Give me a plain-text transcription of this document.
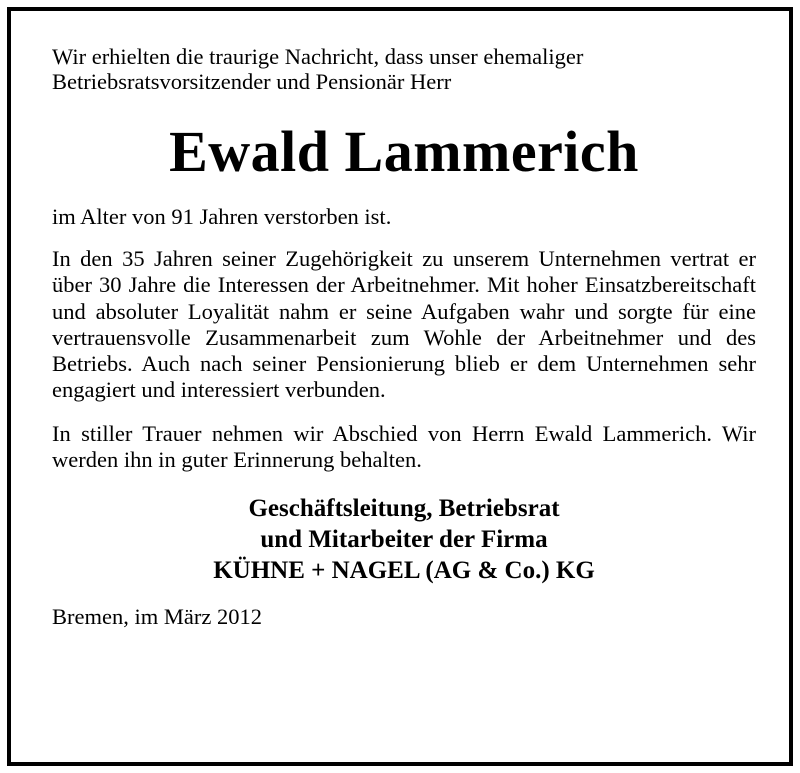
Wir erhielten die traurige Nachricht, dass unser ehemaliger
Betriebsratsvorsitzender und Pensionär Herr
Ewald Lammerich
im Alter von 91 Jahren verstorben ist.
In den 35 Jahren seiner Zugehörigkeit zu unserem Unternehmen vertrat er über 30 Jahre die Interessen der Arbeitnehmer. Mit hoher Einsatzbereitschaft und absoluter Loyalität nahm er seine Aufgaben wahr und sorgte für eine vertrauensvolle Zusammenarbeit zum Wohle der Arbeitnehmer und des Betriebs. Auch nach seiner Pensionierung blieb er dem Unternehmen sehr engagiert und interessiert verbunden.
In stiller Trauer nehmen wir Abschied von Herrn Ewald Lammerich. Wir werden ihn in guter Erinnerung behalten.
Geschäftsleitung, Betriebsrat
und Mitarbeiter der Firma
KÜHNE + NAGEL (AG & Co.) KG
Bremen, im März 2012
